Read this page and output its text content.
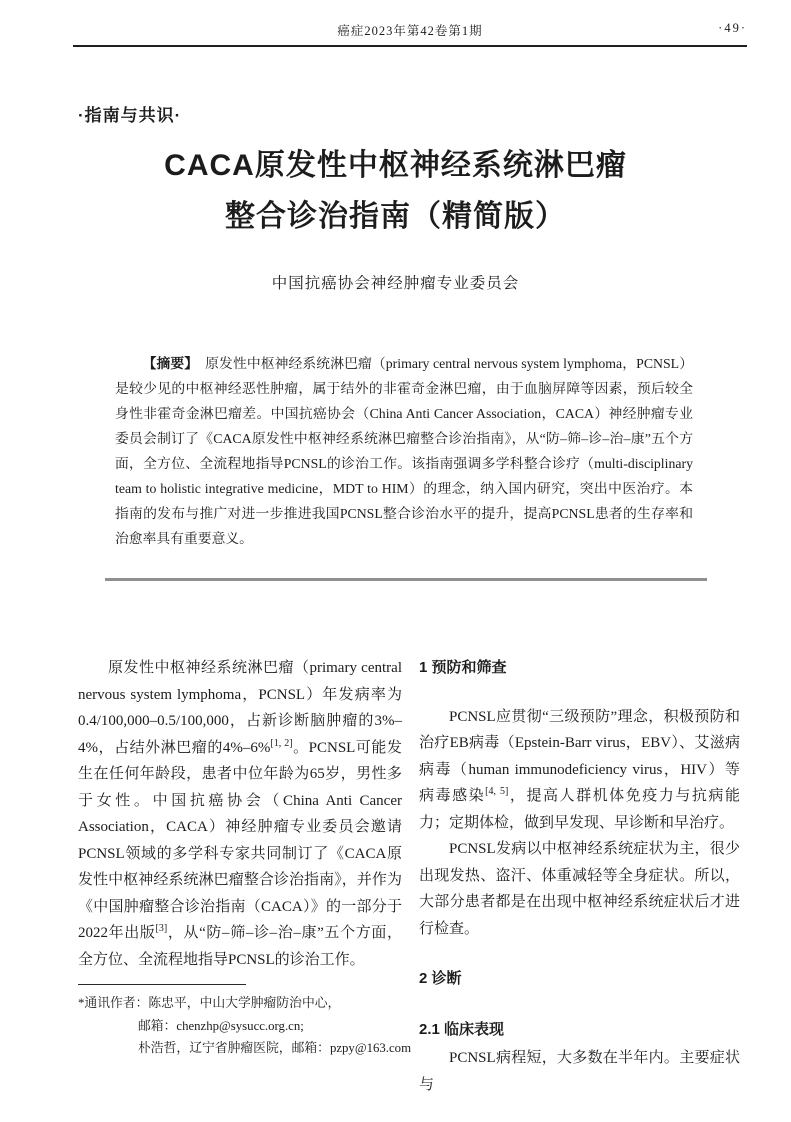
癌症2023年第42卷第1期	·49·
·指南与共识·
CACA原发性中枢神经系统淋巴瘤
整合诊治指南（精简版）
中国抗癌协会神经肿瘤专业委员会
【摘要】　原发性中枢神经系统淋巴瘤（primary central nervous system lymphoma，PCNSL）是较少见的中枢神经恶性肿瘤，属于结外的非霍奇金淋巴瘤，由于血脑屏障等因素，预后较全身性非霍奇金淋巴瘤差。中国抗癌协会（China Anti Cancer Association，CACA）神经肿瘤专业委员会制订了《CACA原发性中枢神经系统淋巴瘤整合诊治指南》，从“防–筛–诊–治–康”五个方面，全方位、全流程地指导PCNSL的诊治工作。该指南强调多学科整合诊疗（multi-disciplinary team to holistic integrative medicine，MDT to HIM）的理念，纳入国内研究，突出中医治疗。本指南的发布与推广对进一步推进我国PCNSL整合诊治水平的提升，提高PCNSL患者的生存率和治愈率具有重要意义。

原发性中枢神经系统淋巴瘤（primary central nervous system lymphoma，PCNSL）年发病率为0.4/100,000–0.5/100,000，占新诊断脑肿瘤的3%–4%，占结外淋巴瘤的4%–6%[1, 2]。PCNSL可能发生在任何年龄段，患者中位年龄为65岁，男性多于女性。中国抗癌协会（China Anti Cancer Association，CACA）神经肿瘤专业委员会邀请PCNSL领域的多学科专家共同制订了《CACA原发性中枢神经系统淋巴瘤整合诊治指南》，并作为《中国肿瘤整合诊治指南（CACA）》的一部分于2022年出版[3]，从“防–筛–诊–治–康”五个方面，全方位、全流程地指导PCNSL的诊治工作。

*通讯作者：陈忠平，中山大学肿瘤防治中心，
邮箱：chenzhp@sysucc.org.cn;
朴浩哲，辽宁省肿瘤医院，邮箱：pzpy@163.com

1 预防和筛查

PCNSL应贯彻“三级预防”理念，积极预防和治疗EB病毒（Epstein-Barr virus，EBV）、艾滋病病毒（human immunodeficiency virus，HIV）等病毒感染[4, 5]，提高人群机体免疫力与抗病能力；定期体检，做到早发现、早诊断和早治疗。

PCNSL发病以中枢神经系统症状为主，很少出现发热、盗汗、体重减轻等全身症状。所以，大部分患者都是在出现中枢神经系统症状后才进行检查。

2 诊断

2.1 临床表现

PCNSL病程短，大多数在半年内。主要症状与
